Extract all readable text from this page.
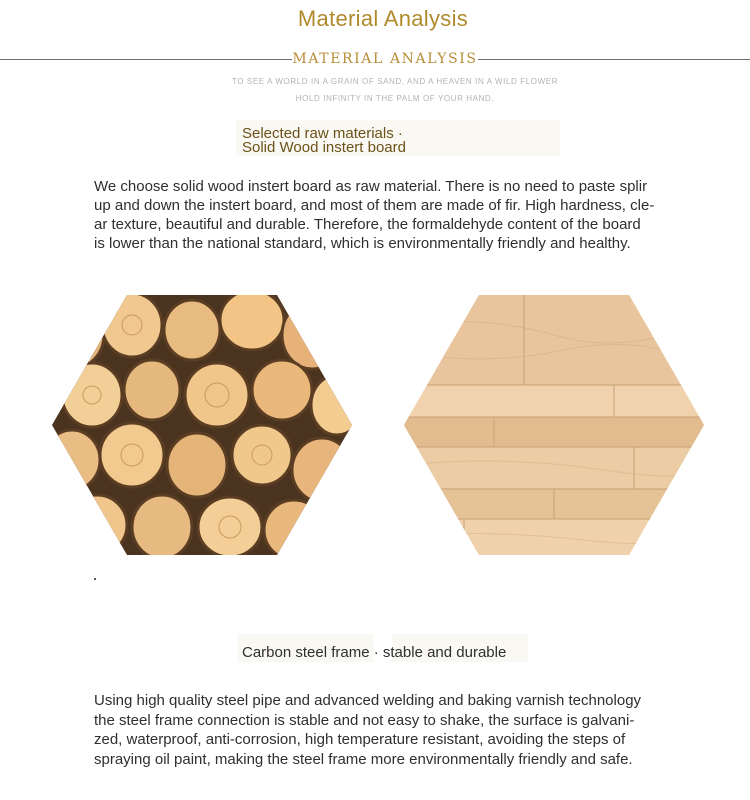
Material Analysis
MATERIAL ANALYSIS
TO SEE A WORLD IN A GRAIN OF SAND, AND A HEAVEN IN A WILD FLOWER
HOLD INFINITY IN THE PALM OF YOUR HAND.
Selected raw materials ·
Solid Wood instert board
We choose solid wood instert board as raw material. There is no need to paste splir
up and down the instert board, and most of them are made of fir. High hardness, cle-
ar texture, beautiful and durable. Therefore, the formaldehyde content of the board
is lower than the national standard, which is environmentally friendly and healthy.
Carbon steel frame · stable and durable
Using high quality steel pipe and advanced welding and baking varnish technology
the steel frame connection is stable and not easy to shake, the surface is galvani-
zed, waterproof, anti-corrosion, high temperature resistant, avoiding the steps of
spraying oil paint, making the steel frame more environmentally friendly and safe.
